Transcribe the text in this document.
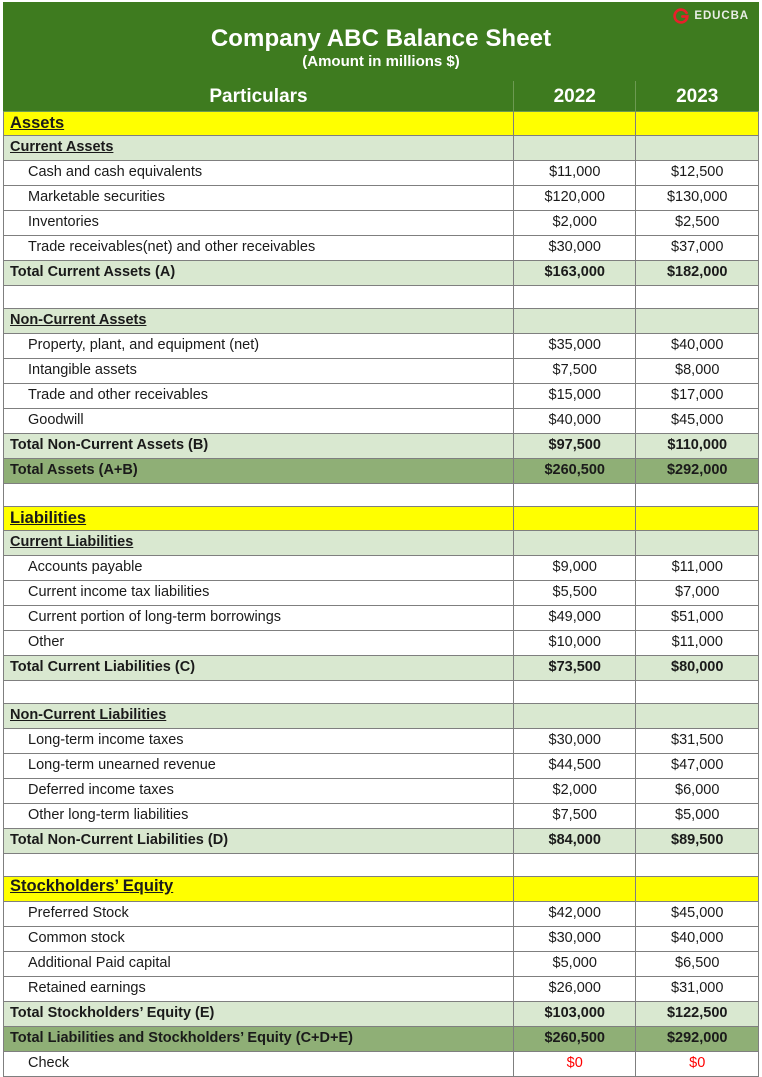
Company ABC Balance Sheet
(Amount in millions $)
EDUCBA		

Particulars	2022	2023
Assets		
Current Assets		
Cash and cash equivalents	$11,000	$12,500
Marketable securities	$120,000	$130,000
Inventories	$2,000	$2,500
Trade receivables(net) and other receivables	$30,000	$37,000
Total Current Assets (A)	$163,000	$182,000

Non-Current Assets		
Property, plant, and equipment (net)	$35,000	$40,000
Intangible assets	$7,500	$8,000
Trade and other receivables	$15,000	$17,000
Goodwill	$40,000	$45,000
Total Non-Current Assets (B)	$97,500	$110,000
Total Assets (A+B)	$260,500	$292,000

Liabilities		
Current Liabilities		
Accounts payable	$9,000	$11,000
Current income tax liabilities	$5,500	$7,000
Current portion of long-term borrowings	$49,000	$51,000
Other	$10,000	$11,000
Total Current Liabilities (C)	$73,500	$80,000

Non-Current Liabilities		
Long-term income taxes	$30,000	$31,500
Long-term unearned revenue	$44,500	$47,000
Deferred income taxes	$2,000	$6,000
Other long-term liabilities	$7,500	$5,000
Total Non-Current Liabilities (D)	$84,000	$89,500

Stockholders’ Equity		
Preferred Stock	$42,000	$45,000
Common stock	$30,000	$40,000
Additional Paid capital	$5,000	$6,500
Retained earnings	$26,000	$31,000
Total Stockholders’ Equity (E)	$103,000	$122,500
Total Liabilities and Stockholders’ Equity (C+D+E)	$260,500	$292,000
Check	$0	$0
